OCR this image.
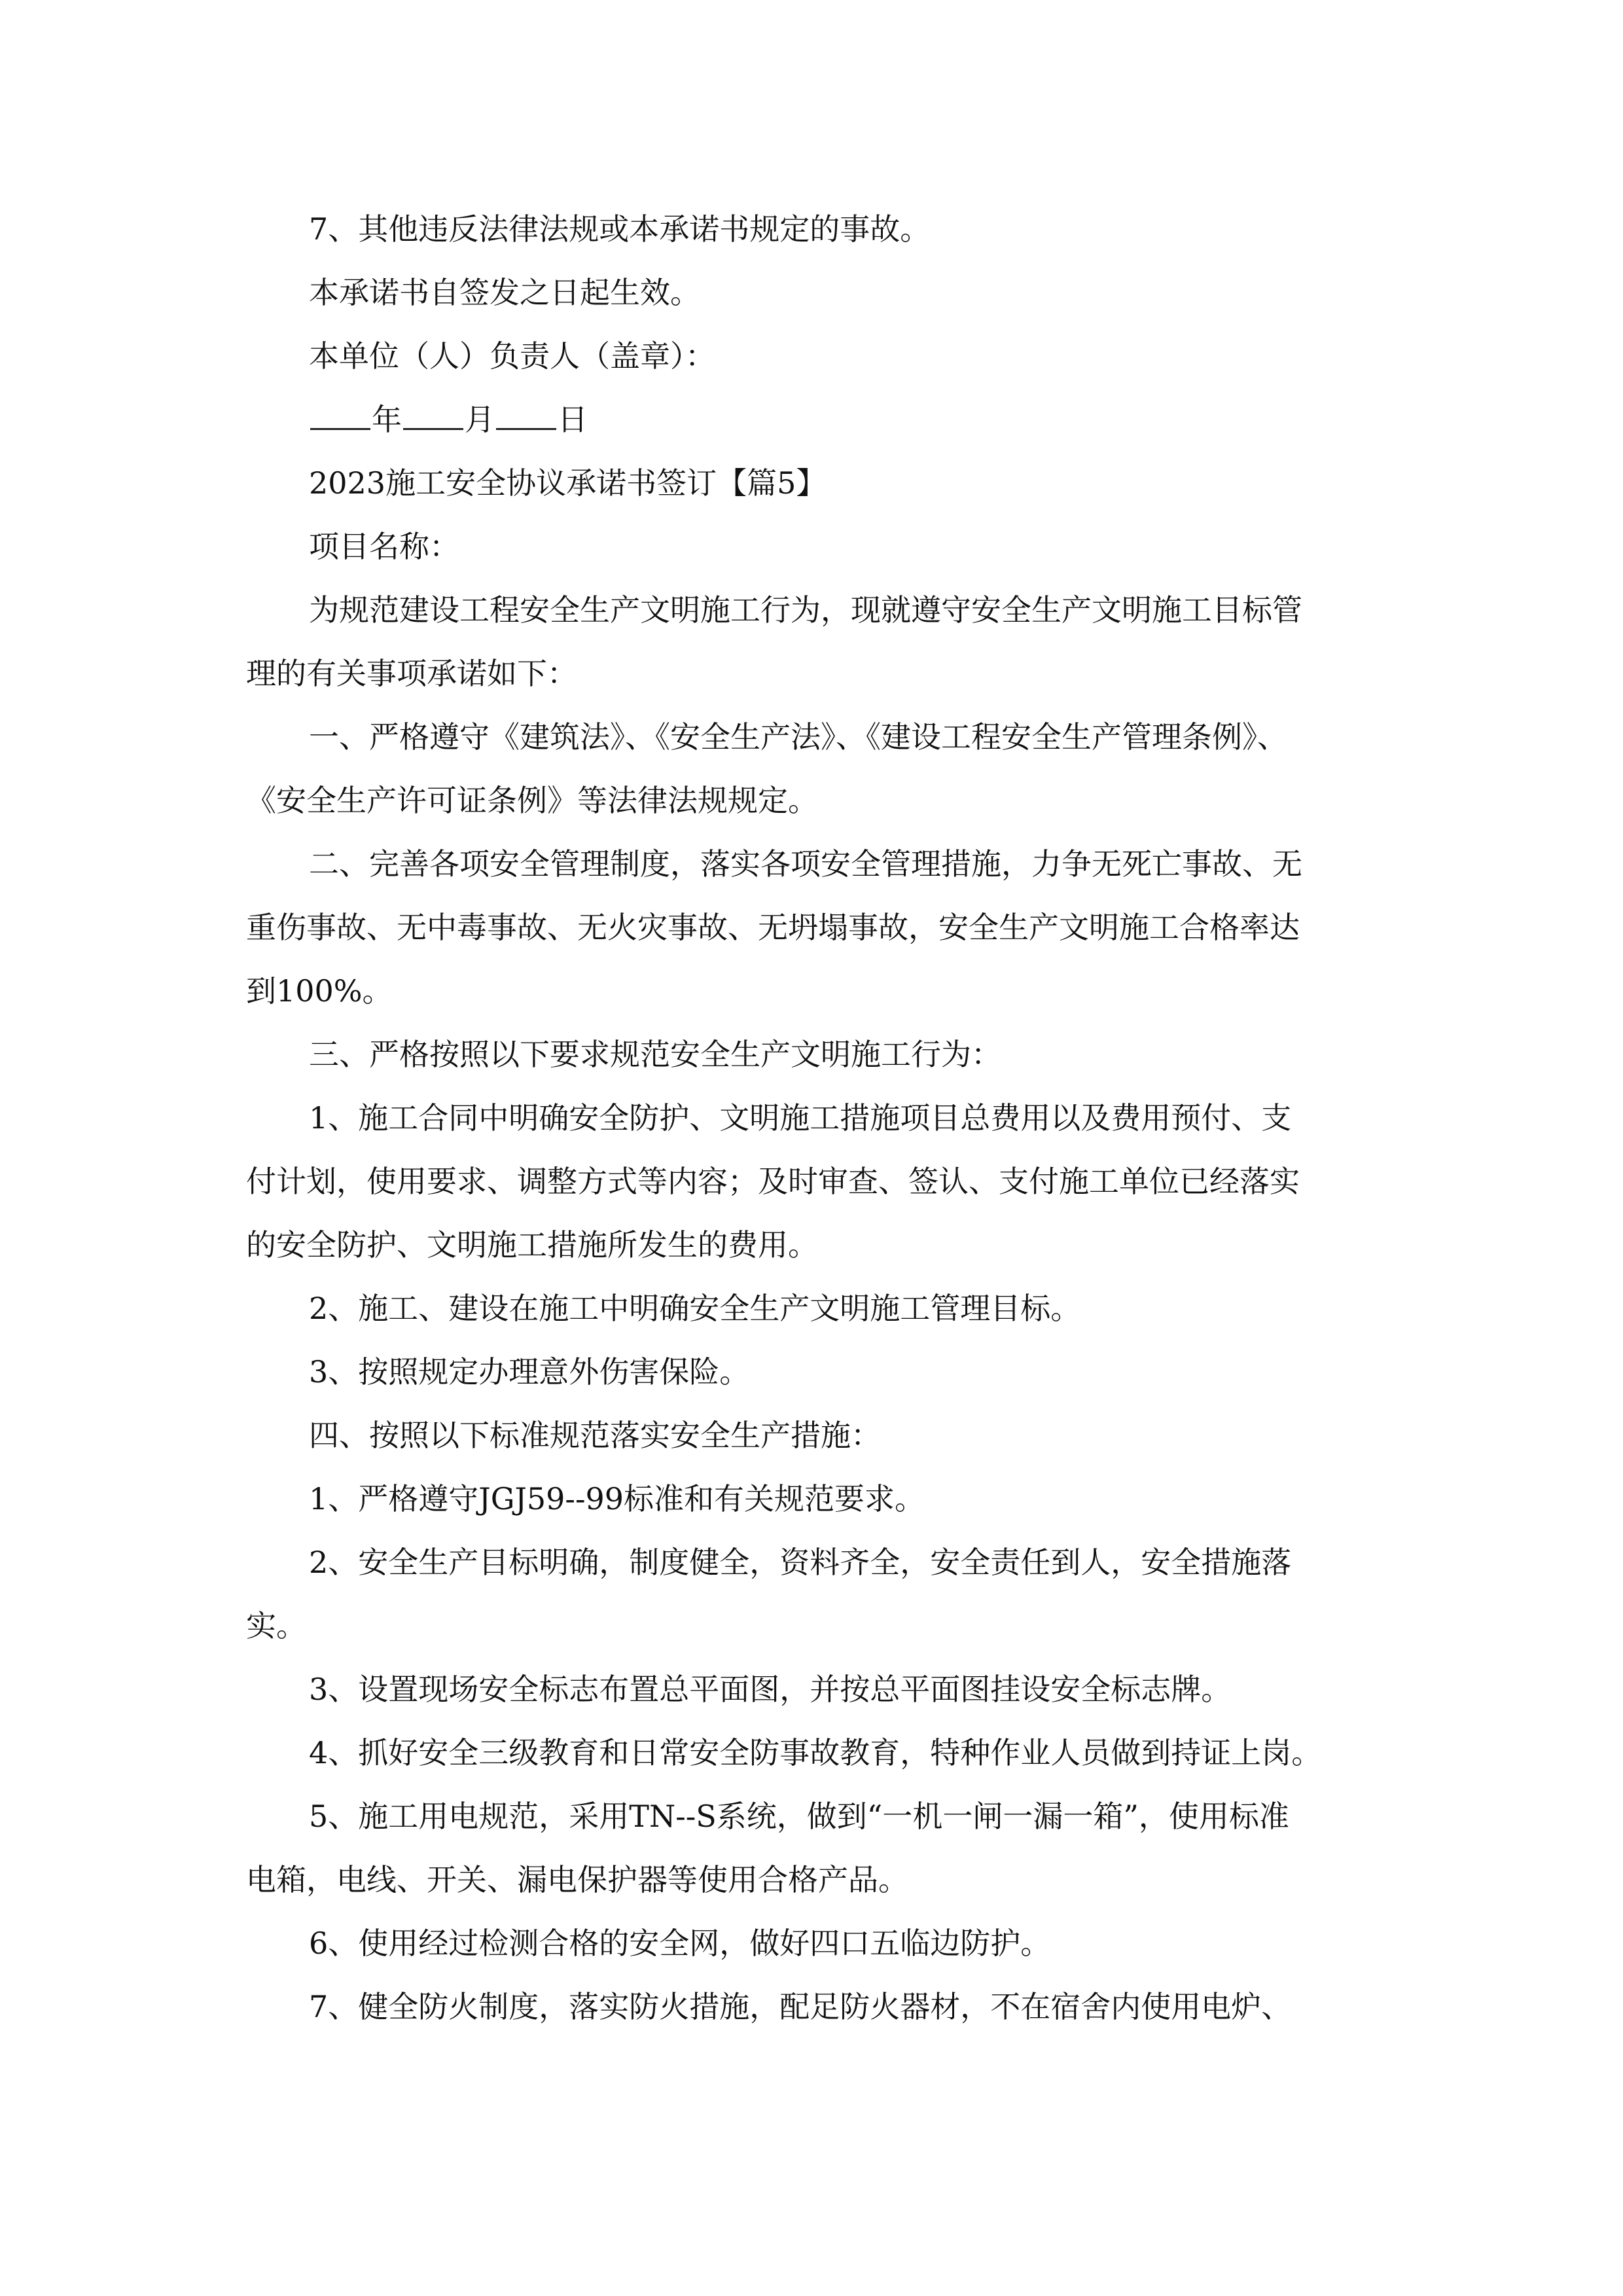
7、其他违反法律法规或本承诺书规定的事故。
本承诺书自签发之日起生效。
本单位（人）负责人（盖章）：
年 月 日
2023施工安全协议承诺书签订【篇5】
项目名称：
为规范建设工程安全生产文明施工行为，现就遵守安全生产文明施工目标管
理的有关事项承诺如下：
一、严格遵守《建筑法》、《安全生产法》、《建设工程安全生产管理条例》、
《安全生产许可证条例》等法律法规规定。
二、完善各项安全管理制度，落实各项安全管理措施，力争无死亡事故、无
重伤事故、无中毒事故、无火灾事故、无坍塌事故，安全生产文明施工合格率达
到100%。
三、严格按照以下要求规范安全生产文明施工行为：
1、施工合同中明确安全防护、文明施工措施项目总费用以及费用预付、支
付计划，使用要求、调整方式等内容；及时审查、签认、支付施工单位已经落实
的安全防护、文明施工措施所发生的费用。
2、施工、建设在施工中明确安全生产文明施工管理目标。
3、按照规定办理意外伤害保险。
四、按照以下标准规范落实安全生产措施：
1、严格遵守JGJ59--99标准和有关规范要求。
2、安全生产目标明确，制度健全，资料齐全，安全责任到人，安全措施落
实。
3、设置现场安全标志布置总平面图，并按总平面图挂设安全标志牌。
4、抓好安全三级教育和日常安全防事故教育，特种作业人员做到持证上岗。
5、施工用电规范，采用TN--S系统，做到“一机一闸一漏一箱”，使用标准
电箱，电线、开关、漏电保护器等使用合格产品。
6、使用经过检测合格的安全网，做好四口五临边防护。
7、健全防火制度，落实防火措施，配足防火器材，不在宿舍内使用电炉、
